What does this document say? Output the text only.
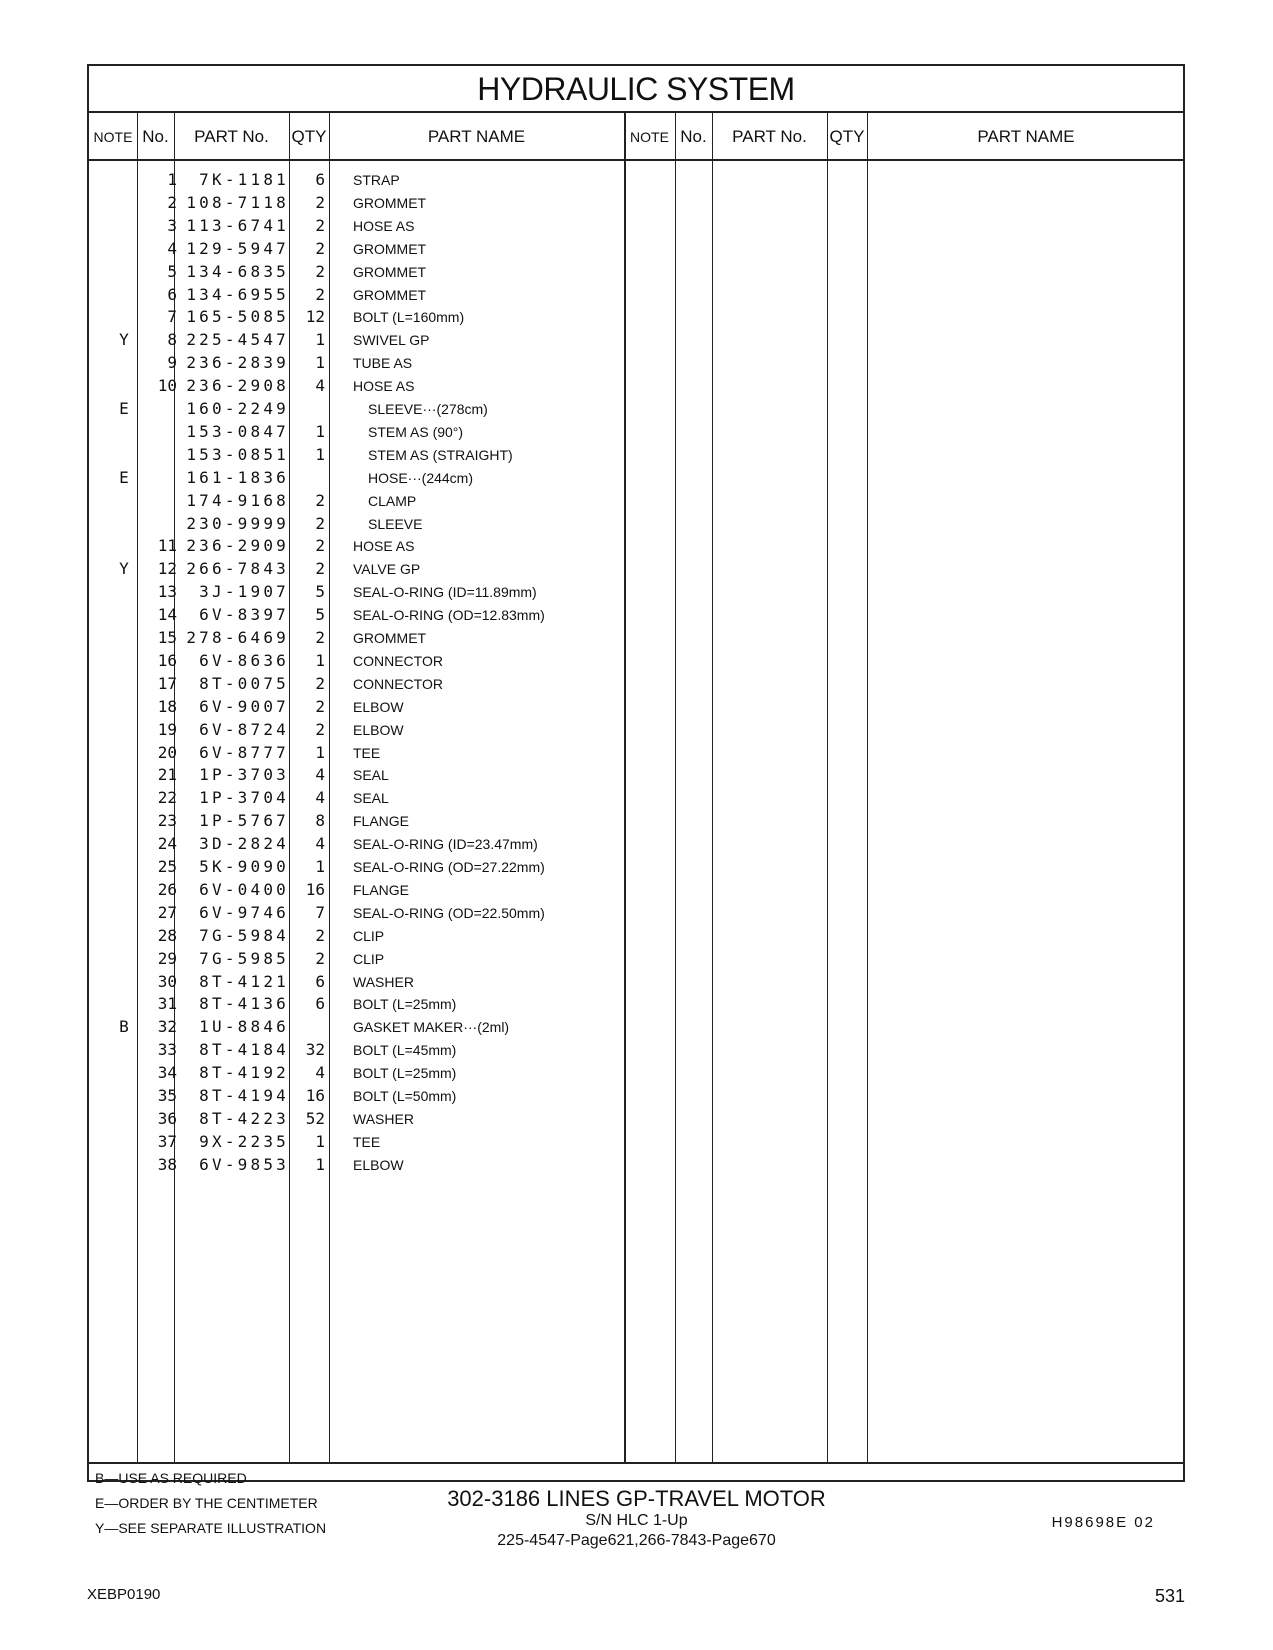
HYDRAULIC SYSTEM
NOTE No.	PART No.	QTY	PART NAME	NOTE No.	PART No.	QTY	PART NAME
1	7K-1181	6 STRAP
2 108-7118	2 GROMMET
3 113-6741	2 HOSE AS
4 129-5947	2 GROMMET
5 134-6835	2 GROMMET
6 134-6955	2 GROMMET
7 165-5085	12 BOLT (L=160mm)
Y	8 225-4547	1 SWIVEL GP
9 236-2839	1 TUBE AS
10 236-2908	4 HOSE AS
E	160-2249	SLEEVE···(278cm)
153-0847	1	STEM AS (90°)
153-0851	1	STEM AS (STRAIGHT)
E	161-1836	HOSE···(244cm)
174-9168	2	CLAMP
230-9999	2	SLEEVE
11 236-2909	2 HOSE AS
Y	12 266-7843	2 VALVE GP
13	3J-1907	5 SEAL-O-RING (ID=11.89mm)
14	6V-8397	5 SEAL-O-RING (OD=12.83mm)
15 278-6469	2 GROMMET
16	6V-8636	1 CONNECTOR
17	8T-0075	2 CONNECTOR
18	6V-9007	2 ELBOW
19	6V-8724	2 ELBOW
20	6V-8777	1 TEE
21	1P-3703	4 SEAL
22	1P-3704	4 SEAL
23	1P-5767	8 FLANGE
24	3D-2824	4 SEAL-O-RING (ID=23.47mm)
25	5K-9090	1 SEAL-O-RING (OD=27.22mm)
26	6V-0400	16 FLANGE
27	6V-9746	7 SEAL-O-RING (OD=22.50mm)
28	7G-5984	2 CLIP
29	7G-5985	2 CLIP
30	8T-4121	6 WASHER
31	8T-4136	6 BOLT (L=25mm)
B	32	1U-8846	GASKET MAKER···(2ml)
33	8T-4184	32 BOLT (L=45mm)
34	8T-4192	4 BOLT (L=25mm)
35	8T-4194	16 BOLT (L=50mm)
36	8T-4223	52 WASHER
37	9X-2235	1 TEE
38	6V-9853	1 ELBOW
B—USE AS REQUIRED
E—ORDER BY THE CENTIMETER
Y—SEE SEPARATE ILLUSTRATION	H98698E 02
302-3186 LINES GP-TRAVEL MOTOR
S/N HLC 1-Up
225-4547-Page621,266-7843-Page670
XEBP0190	531
